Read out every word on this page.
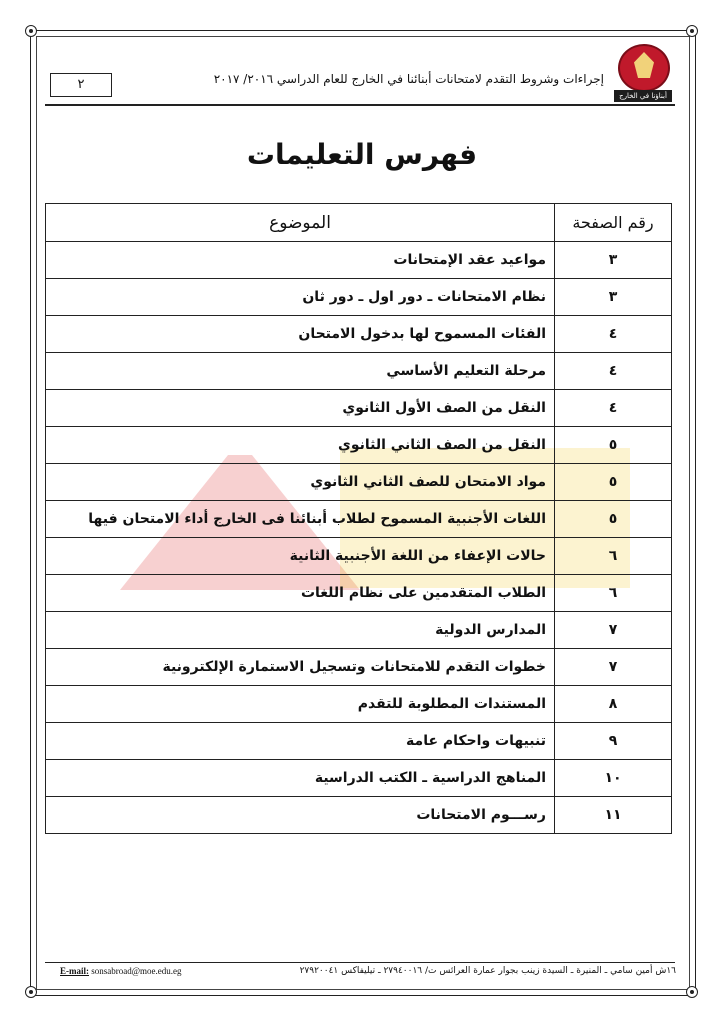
أبناؤنا في الخارج
إجراءات وشروط التقدم لامتحانات أبنائنا في الخارج للعام الدراسي ٢٠١٦/ ٢٠١٧
٢
فهرس التعليمات
رقم الصفحة	الموضوع
٣	مواعيد عقد الإمتحانات
٣	نظام الامتحانات ـ دور اول ـ دور ثان
٤	الفئات المسموح لها بدخول الامتحان
٤	مرحلة التعليم الأساسي
٤	النقل من الصف الأول الثانوي
٥	النقل من الصف الثاني الثانوي
٥	مواد الامتحان للصف الثاني الثانوي
٥	اللغات الأجنبية المسموح لطلاب أبنائنا فى الخارج أداء الامتحان فيها
٦	حالات الإعفاء من اللغة الأجنبية الثانية
٦	الطلاب المتقدمين على نظام اللغات
٧	المدارس الدولية
٧	خطوات التقدم للامتحانات وتسجيل الاستمارة الإلكترونية
٨	المستندات المطلوبة للتقدم
٩	تنبيهات واحكام عامة
١٠	المناهج الدراسية ـ الكتب الدراسية
١١	رســـوم الامتحانات
١٦ش أمين سامي ـ المنيرة ـ السيدة زينب بجوار عمارة العرائس ت/ ٢٧٩٤٠٠١٦ ـ تيليفاكس ٢٧٩٢٠٠٤١
E-mail: sonsabroad@moe.edu.eg
